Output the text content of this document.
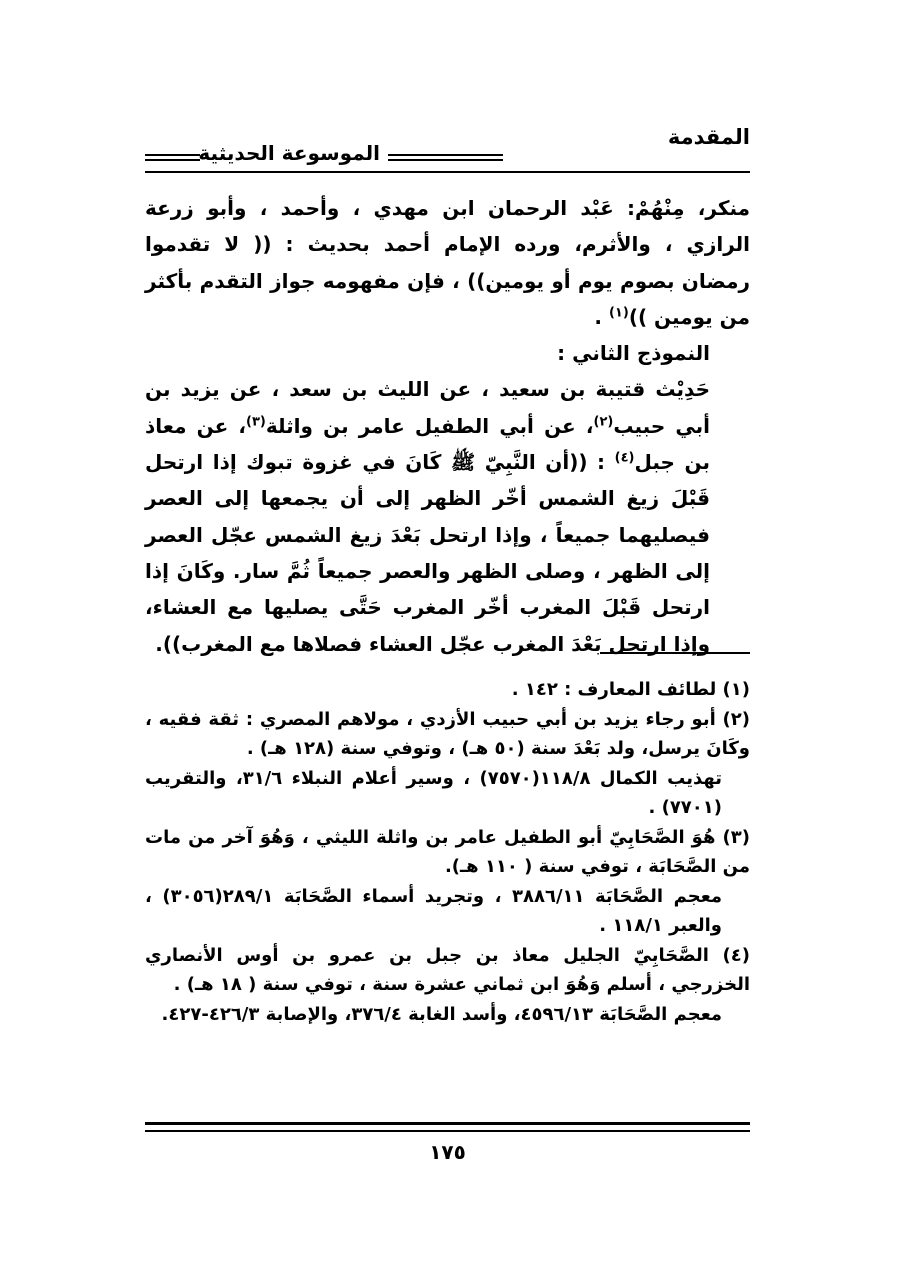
المقدمة
الموسوعة الحديثية

منكر، مِنْهُمْ: عَبْد الرحمان ابن مهدي ، وأحمد ، وأبو زرعة الرازي ، والأثرم، ورده الإمام أحمد بحديث : (( لا تقدموا رمضان بصوم يوم أو يومين)) ، فإن مفهومه جواز التقدم بأكثر من يومين ))$^{(١)}$ .

النموذج الثاني :

حَدِيْث قتيبة بن سعيد ، عن الليث بن سعد ، عن يزيد بن أبي حبيب$^{(٢)}$، عن أبي الطفيل عامر بن واثلة$^{(٣)}$، عن معاذ بن جبل$^{(٤)}$ : ((أن النَّبِيّ ﷺ كَانَ في غزوة تبوك إذا ارتحل قَبْلَ زيغ الشمس أخّر الظهر إلى أن يجمعها إلى العصر فيصليهما جميعاً ، وإذا ارتحل بَعْدَ زيغ الشمس عجّل العصر إلى الظهر ، وصلى الظهر والعصر جميعاً ثُمَّ سار. وكَانَ إذا ارتحل قَبْلَ المغرب أخّر المغرب حَتَّى يصليها مع العشاء، وإذا ارتحل بَعْدَ المغرب عجّل العشاء فصلاها مع المغرب)).

(١) لطائف المعارف : ١٤٢ .

(٢) أبو رجاء يزيد بن أبي حبيب الأزدي ، مولاهم المصري : ثقة فقيه ، وكَانَ يرسل، ولد بَعْدَ سنة (٥٠ هـ) ، وتوفي سنة (١٢٨ هـ) .

تهذيب الكمال ١١٨/٨(٧٥٧٠) ، وسير أعلام النبلاء ٣١/٦، والتقريب (٧٧٠١) .

(٣) هُوَ الصَّحَابِيّ أبو الطفيل عامر بن واثلة الليثي ، وَهُوَ آخر من مات من الصَّحَابَة ، توفي سنة ( ١١٠ هـ).

معجم الصَّحَابَة ٣٨٨٦/١١ ، وتجريد أسماء الصَّحَابَة ٢٨٩/١(٣٠٥٦) ، والعبر ١١٨/١ .

(٤) الصَّحَابِيّ الجليل معاذ بن جبل بن عمرو بن أوس الأنصاري الخزرجي ، أسلم وَهُوَ ابن ثماني عشرة سنة ، توفي سنة ( ١٨ هـ) .

معجم الصَّحَابَة ٤٥٩٦/١٣، وأسد الغابة ٣٧٦/٤، والإصابة ٤٢٦/٣-٤٢٧.

١٧٥
